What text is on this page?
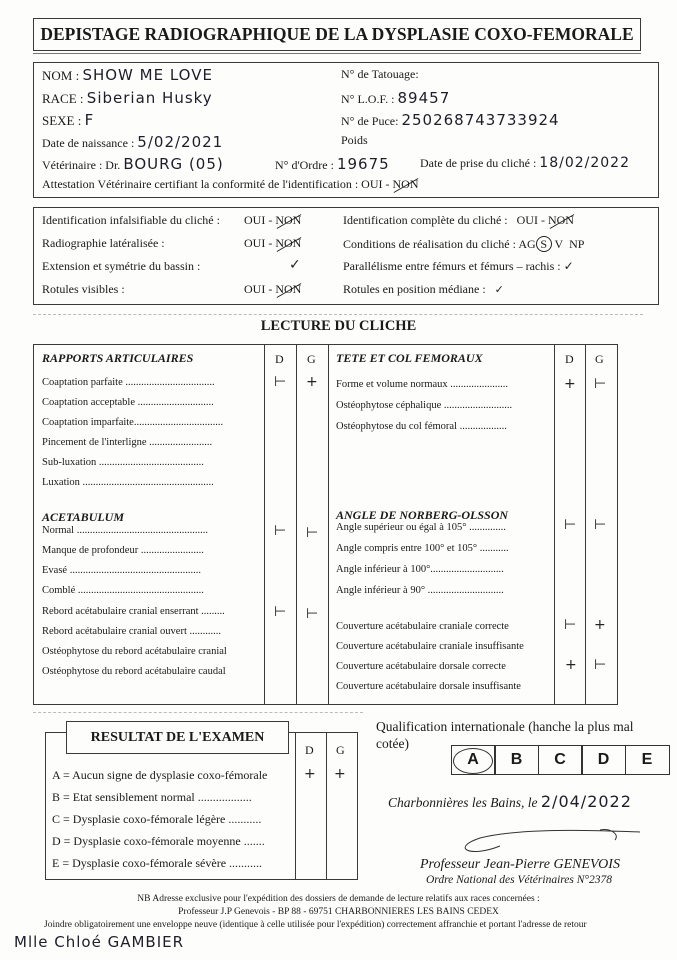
DEPISTAGE RADIOGRAPHIQUE DE LA DYSPLASIE COXO-FEMORALE
NOM : SHOW ME LOVE
RACE : Siberian Husky
SEXE : F
Date de naissance : 5/02/2021
Vétérinaire : Dr. BOURG (05)	N° d'Ordre : 19675	Date de prise du cliché : 18/02/2022
Attestation Vétérinaire certifiant la conformité de l'identification : OUI - NON
N° de Tatouage:
N° L.O.F. : 89457
N° de Puce: 250268743733924
Poids
Identification infalsifiable du cliché : OUI - NON
Radiographie latéralisée :	OUI - NON
Extension et symétrie du bassin :	✓
Rotules visibles :	OUI - NON
Identification complète du cliché : OUI - NON
Conditions de réalisation du cliché : AG S V NP
Parallélisme entre fémurs et fémurs – rachis : ✓
Rotules en position médiane : ✓
LECTURE DU CLICHE
RAPPORTS ARTICULAIRES	D G TETE ET COL FEMORAUX	D G
Coaptation parfaite ..................................	⊢ +
Coaptation acceptable .............................
Coaptation imparfaite..................................
Pincement de l'interligne ........................
Sub-luxation ........................................
Luxation ..................................................
ACETABULUM
Normal ..................................................	⊢ ⊢
Manque de profondeur ........................
Evasé ..................................................
Comblé ................................................
Rebord acétabulaire cranial enserrant .........	⊢ ⊢
Rebord acétabulaire cranial ouvert ............
Ostéophytose du rebord acétabulaire cranial
Ostéophytose du rebord acétabulaire caudal
Forme et volume normaux ......................	+ ⊢
Ostéophytose céphalique ..........................
Ostéophytose du col fémoral ..................
ANGLE DE NORBERG-OLSSON
Angle supérieur ou égal à 105° ..............	⊢ ⊢
Angle compris entre 100° et 105° ...........
Angle inférieur à 100°............................
Angle inférieur à 90° .............................
Couverture acétabulaire craniale correcte	⊢ +
Couverture acétabulaire craniale insuffisante
Couverture acétabulaire dorsale correcte	+ ⊢
Couverture acétabulaire dorsale insuffisante
D G
A = Aucun signe de dysplasie coxo-fémorale	+ +
B = Etat sensiblement normal ..................
C = Dysplasie coxo-fémorale légère ...........
D = Dysplasie coxo-fémorale moyenne .......
E = Dysplasie coxo-fémorale sévère ...........
RESULTAT DE L'EXAMEN
Qualification internationale (hanche la plus mal cotée)
A	B	C	D	E
Charbonnières les Bains, le 2/04/2022
Professeur Jean-Pierre GENEVOIS
Ordre National des Vétérinaires N°2378
NB Adresse exclusive pour l'expédition des dossiers de demande de lecture relatifs aux races concernées :
Professeur J.P Genevois - BP 88 - 69751 CHARBONNIERES LES BAINS CEDEX
Joindre obligatoirement une enveloppe neuve (identique à celle utilisée pour l'expédition) correctement affranchie et portant l'adresse de retour
Mlle Chloé GAMBIER
